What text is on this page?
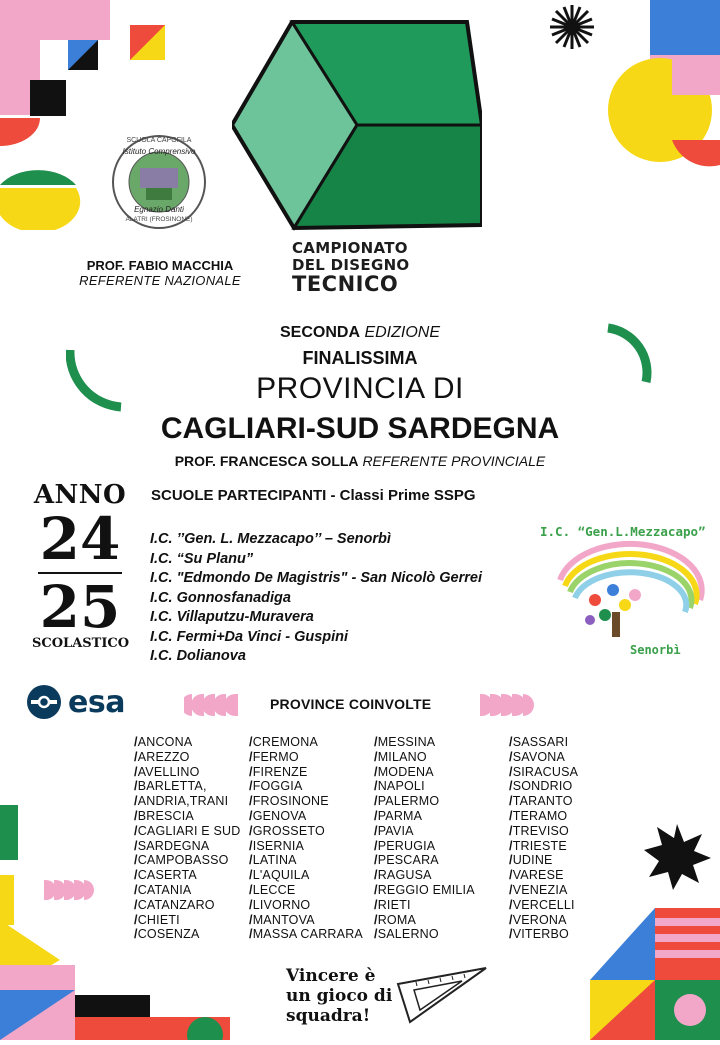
CAMPIONATO
DEL DISEGNO
TECNICO
SCUOLA CAPOFILA
Istituto Comprensivo
Egnazio Danti
ALATRI (FROSINONE)
PROF. FABIO MACCHIA
REFERENTE NAZIONALE
SECONDA EDIZIONE
FINALISSIMA
PROVINCIA DI
CAGLIARI-SUD SARDEGNA
PROF. FRANCESCA SOLLA REFERENTE PROVINCIALE
ANNO
24
25
SCOLASTICO
SCUOLE PARTECIPANTI - Classi Prime SSPG
I.C. ’’Gen. L. Mezzacapo’’ – Senorbì
I.C. “Su Planu”
I.C. "Edmondo De Magistris" - San Nicolò Gerrei
I.C. Gonnosfanadiga
I.C. Villaputzu-Muravera
I.C. Fermi+Da Vinci - Guspini
I.C. Dolianova
I.C. “Gen.L.Mezzacapo”
Senorbì
esa	PROVINCE COINVOLTE
/ ANCONA
/ AREZZO
/ AVELLINO
/ BARLETTA,
/ ANDRIA,TRANI
/ BRESCIA
/ CAGLIARI E SUD
/ SARDEGNA
/ CAMPOBASSO
/ CASERTA
/ CATANIA
/ CATANZARO
/ CHIETI
/ COSENZA
/ CREMONA
/ FERMO
/ FIRENZE
/ FOGGIA
/ FROSINONE
/ GENOVA
/ GROSSETO
/ ISERNIA
/ LATINA
/ L'AQUILA
/ LECCE
/ LIVORNO
/ MANTOVA
/ MASSA CARRARA
/ MESSINA
/ MILANO
/ MODENA
/ NAPOLI
/ PALERMO
/ PARMA
/ PAVIA
/ PERUGIA
/ PESCARA
/ RAGUSA
/ REGGIO EMILIA
/ RIETI
/ ROMA
/ SALERNO
/ SASSARI
/ SAVONA
/ SIRACUSA
/ SONDRIO
/ TARANTO
/ TERAMO
/ TREVISO
/ TRIESTE
/ UDINE
/ VARESE
/ VENEZIA
/ VERCELLI
/ VERONA
/ VITERBO
Vincere è
un gioco di
squadra!
